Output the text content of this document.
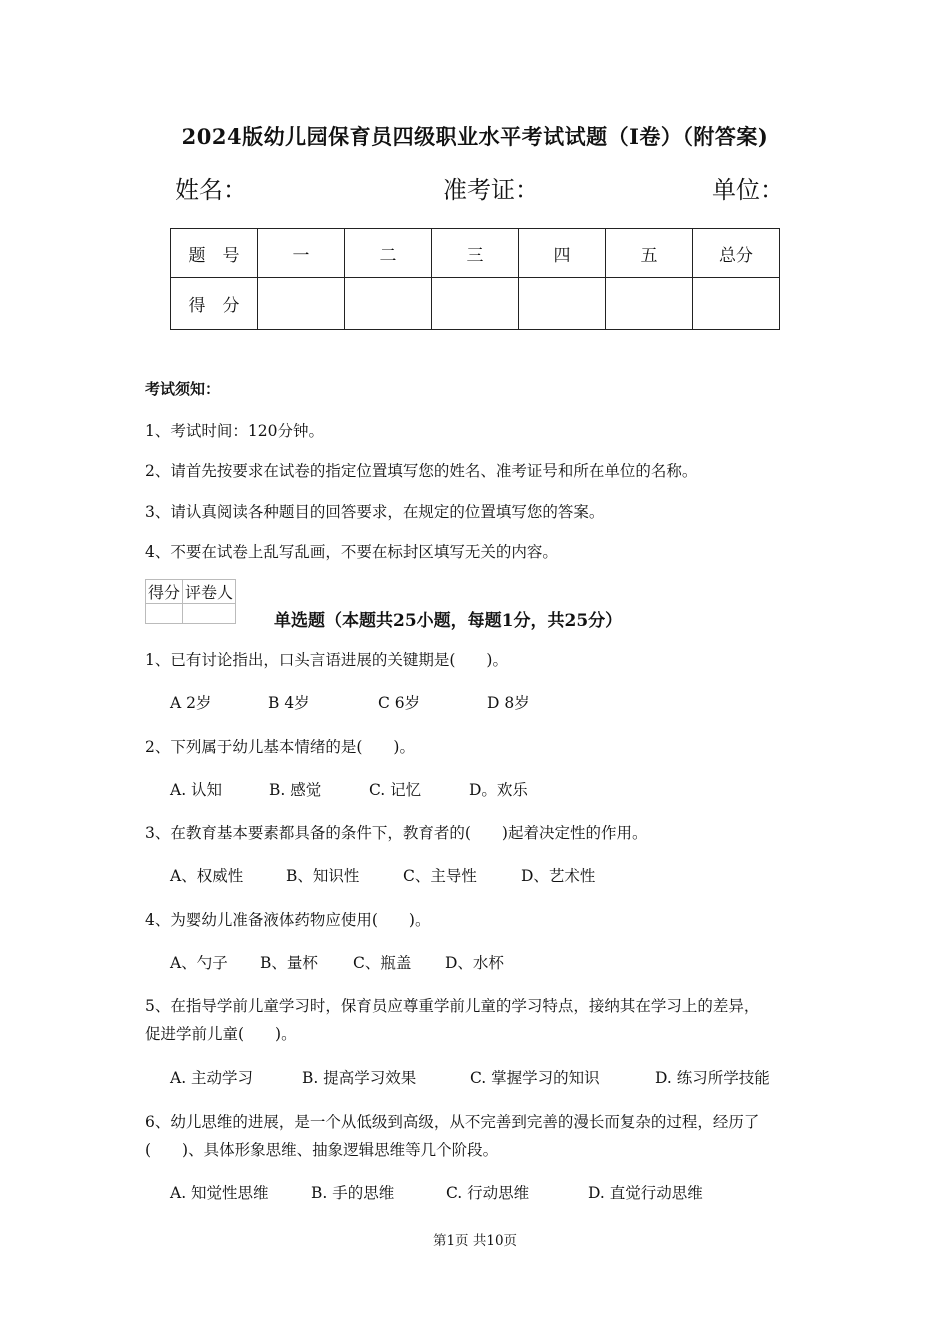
2024版幼儿园保育员四级职业水平考试试题（I卷）（附答案)
姓名：	准考证：	单位：
题　号	一	二	三	四	五	总分
得　分						
考试须知：
1、考试时间：120分钟。
2、请首先按要求在试卷的指定位置填写您的姓名、准考证号和所在单位的名称。
3、请认真阅读各种题目的回答要求，在规定的位置填写您的答案。
4、不要在试卷上乱写乱画，不要在标封区填写无关的内容。
得分	评卷人

单选题（本题共25小题，每题1分，共25分）
1、已有讨论指出，口头言语进展的关键期是(　　)。
A 2岁	B 4岁	C 6岁	D 8岁
2、下列属于幼儿基本情绪的是(　　)。
A. 认知	B. 感觉	C. 记忆	D。欢乐
3、在教育基本要素都具备的条件下，教育者的(　　)起着决定性的作用。
A、权威性	B、知识性	C、主导性	D、艺术性
4、为婴幼儿准备液体药物应使用(　　)。
A、勺子 B、量杯 C、瓶盖 D、水杯
5、在指导学前儿童学习时，保育员应尊重学前儿童的学习特点，接纳其在学习上的差异，
促进学前儿童(　　)。
A. 主动学习	B. 提高学习效果	C. 掌握学习的知识	D. 练习所学技能
6、幼儿思维的进展，是一个从低级到高级，从不完善到完善的漫长而复杂的过程，经历了
(　　)、具体形象思维、抽象逻辑思维等几个阶段。
A. 知觉性思维	B. 手的思维	C. 行动思维	D. 直觉行动思维
第1页 共10页
